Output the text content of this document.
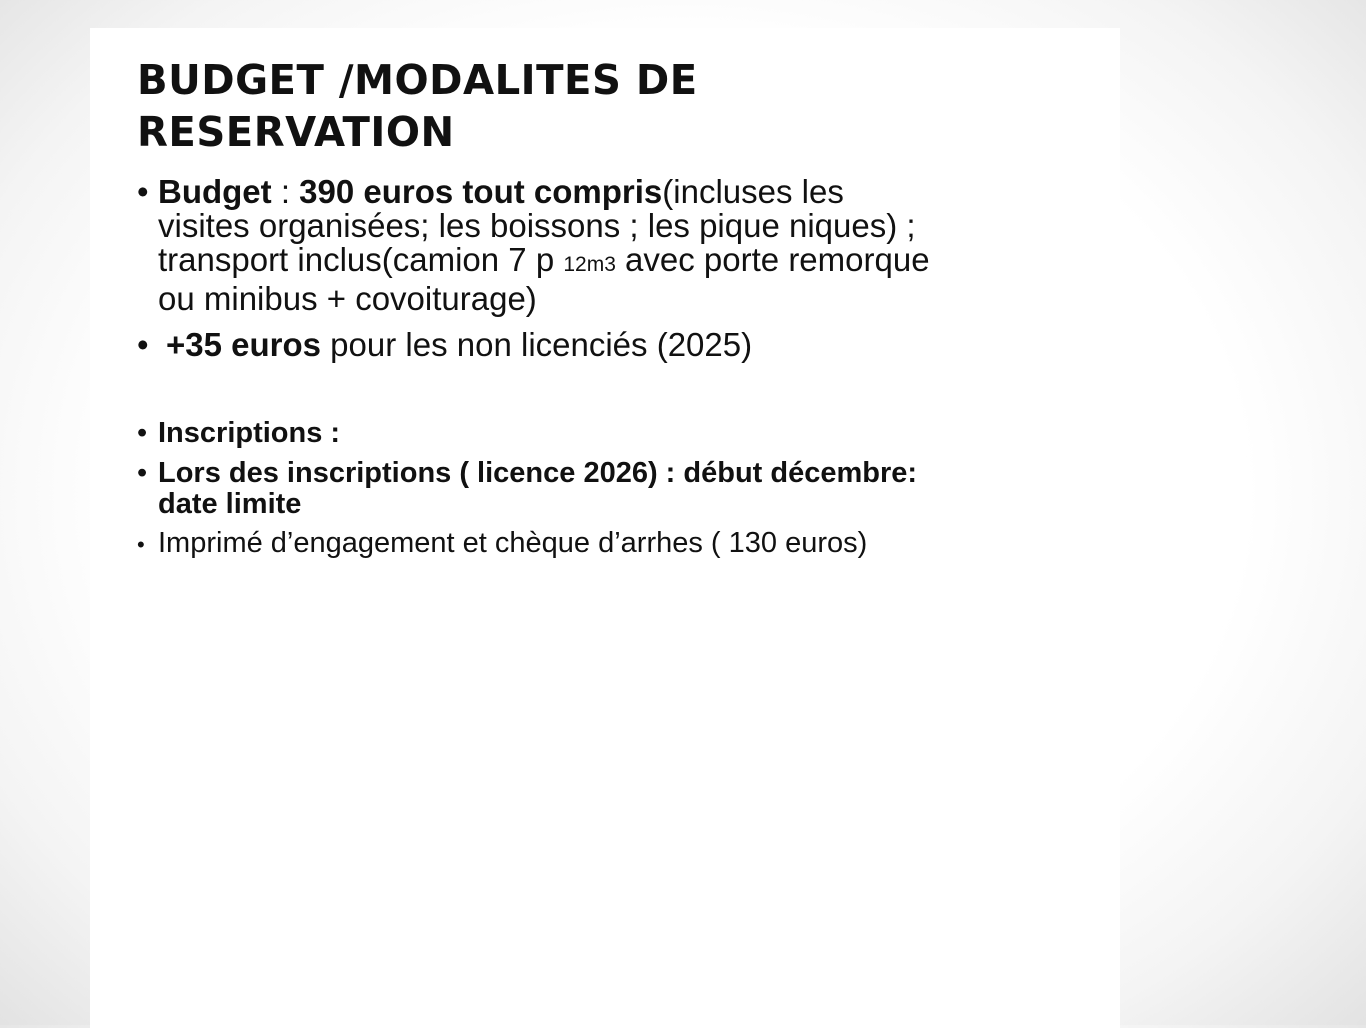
BUDGET /MODALITES DE
RESERVATION
• Budget : 390 euros tout compris(incluses les
visites organisées; les boissons ; les pique niques) ;
transport inclus(camion 7 p 12m3 avec porte remorque
ou minibus + covoiturage)
• +35 euros pour les non licenciés (2025)
• Inscriptions :
• Lors des inscriptions ( licence 2026) : début décembre:
date limite
• Imprimé d’engagement et chèque d’arrhes ( 130 euros)
